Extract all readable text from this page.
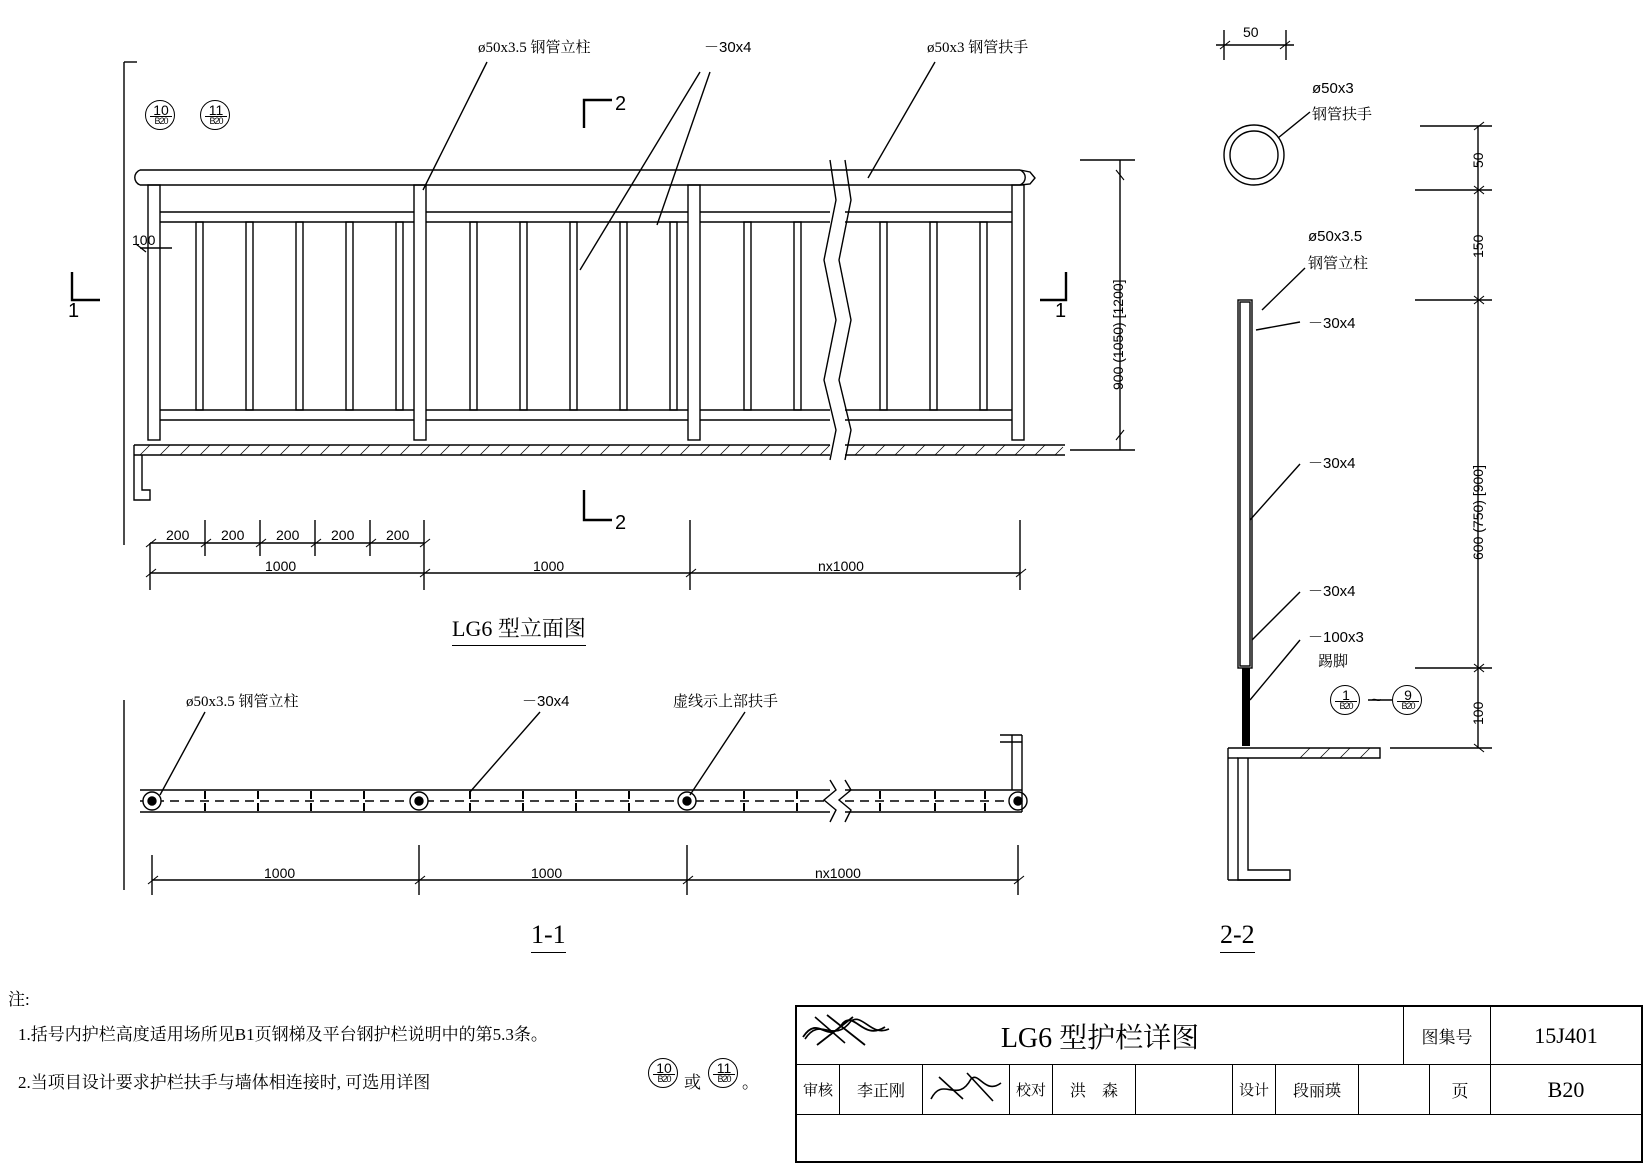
ø50x3.5 钢管立柱	－30x4	ø50x3 钢管扶手
2
2
1	1
10
B20
11
B20
100
900 (1050) [1200]
200 200 200 200 200
1000	1000	nx1000
LG6 型立面图
ø50x3.5 钢管立柱	－30x4	虚线示上部扶手
1000	1000	nx1000
1-1
ø50x3
钢管扶手
ø50x3.5
钢管立柱
－30x4
－30x4
－30x4
－100x3
踢脚
50
50
150
600 (750) [900]
100
1
B20	~	9
B20
2-2
注:
1.括号内护栏高度适用场所见B1页钢梯及平台钢护栏说明中的第5.3条。
2.当项目设计要求护栏扶手与墙体相连接时, 可选用详图
10
B20 或
11
B20 。
LG6 型护栏详图	图集号	15J401
审核	李正刚	校对	洪　森	设计	段丽瑛	页	B20
